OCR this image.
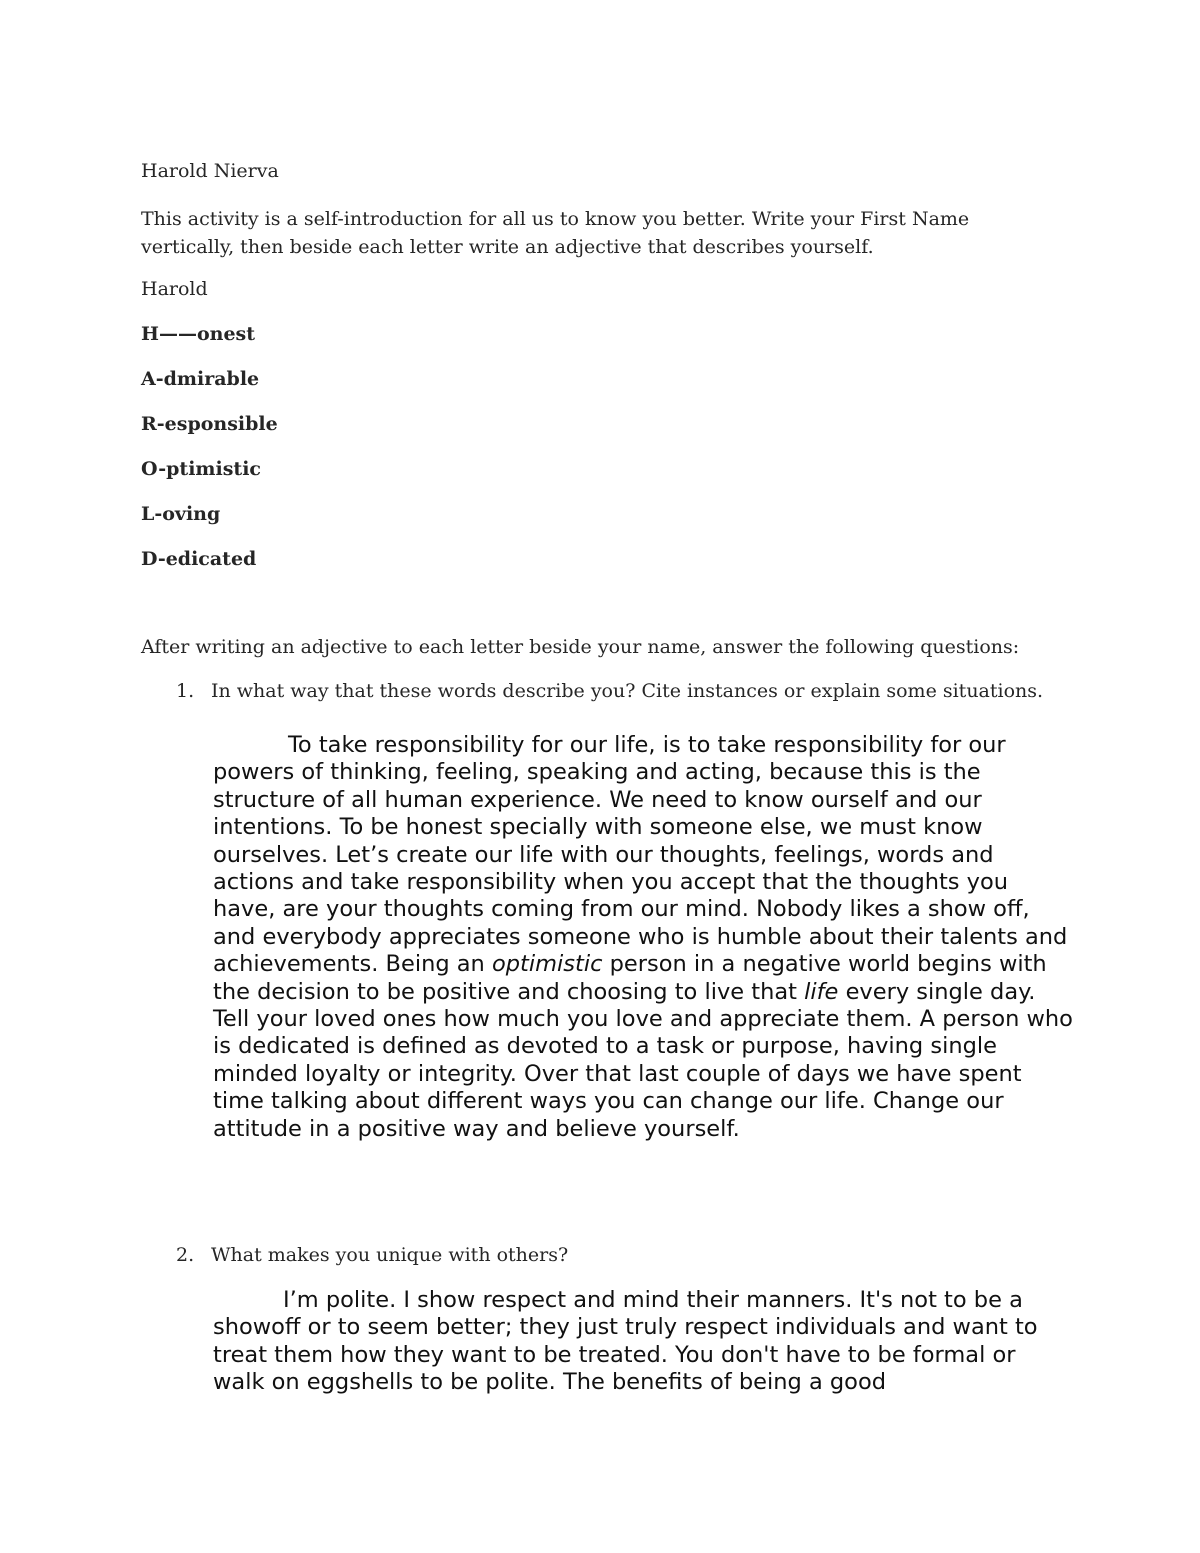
Harold Nierva

This activity is a self-introduction for all us to know you better. Write your First Name vertically, then beside each letter write an adjective that describes yourself.

Harold

H——onest
A-dmirable
R-esponsible
O-ptimistic
L-oving
D-edicated

After writing an adjective to each letter beside your name, answer the following questions:

1. In what way that these words describe you? Cite instances or explain some situations.

To take responsibility for our life, is to take responsibility for our powers of thinking, feeling, speaking and acting, because this is the structure of all human experience. We need to know ourself and our intentions. To be honest specially with someone else, we must know ourselves. Let’s create our life with our thoughts, feelings, words and actions and take responsibility when you accept that the thoughts you have, are your thoughts coming from our mind. Nobody likes a show off, and everybody appreciates someone who is humble about their talents and achievements. Being an optimistic person in a negative world begins with the decision to be positive and choosing to live that life every single day. Tell your loved ones how much you love and appreciate them. A person who is dedicated is defined as devoted to a task or purpose, having single minded loyalty or integrity. Over that last couple of days we have spent time talking about different ways you can change our life. Change our attitude in a positive way and believe yourself.

2. What makes you unique with others?

I’m polite. I show respect and mind their manners. It's not to be a showoff or to seem better; they just truly respect individuals and want to treat them how they want to be treated. You don't have to be formal or walk on eggshells to be polite. The benefits of being a good
